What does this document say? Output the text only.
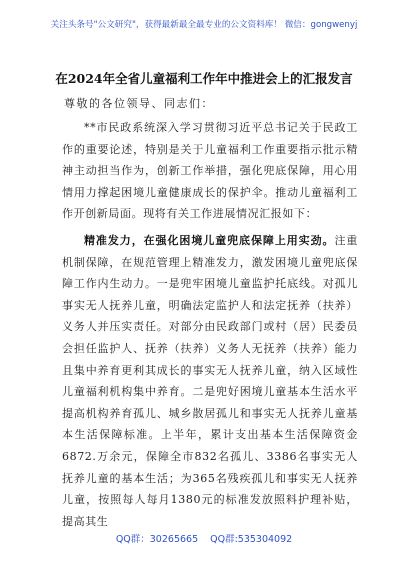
关注头条号"公文研究"，获得最新最全最专业的公文资料库！ 微信：gongwenyj
在2024年全省儿童福利工作年中推进会上的汇报发言
尊敬的各位领导、同志们：

**市民政系统深入学习贯彻习近平总书记关于民政工作的重要论述，特别是关于儿童福利工作重要指示批示精神主动担当作为，创新工作举措，强化兜底保障，用心用情用力撑起困境儿童健康成长的保护伞。推动儿童福利工作开创新局面。现将有关工作进展情况汇报如下：

精准发力，在强化困境儿童兜底保障上用实劲。注重机制保障，在规范管理上精准发力，激发困境儿童兜底保障工作内生动力。一是兜牢困境儿童监护托底线。对孤儿事实无人抚养儿童，明确法定监护人和法定抚养（扶养）义务人并压实责任。对部分由民政部门或村（居）民委员会担任监护人、抚养（扶养）义务人无抚养（扶养）能力且集中养育更利其成长的事实无人抚养儿童，纳入区域性儿童福利机构集中养育。二是兜好困境儿童基本生活水平提高机构养育孤儿、城乡散居孤儿和事实无人抚养儿童基本生活保障标准。上半年，累计支出基本生活保障资金6872.万余元，保障全市832名孤儿、3386名事实无人抚养儿童的基本生活；为365名残疾孤儿和事实无人抚养儿童，按照每人每月1380元的标准发放照料护理补贴，提高其生

QQ群：30265665 QQ群:535304092
